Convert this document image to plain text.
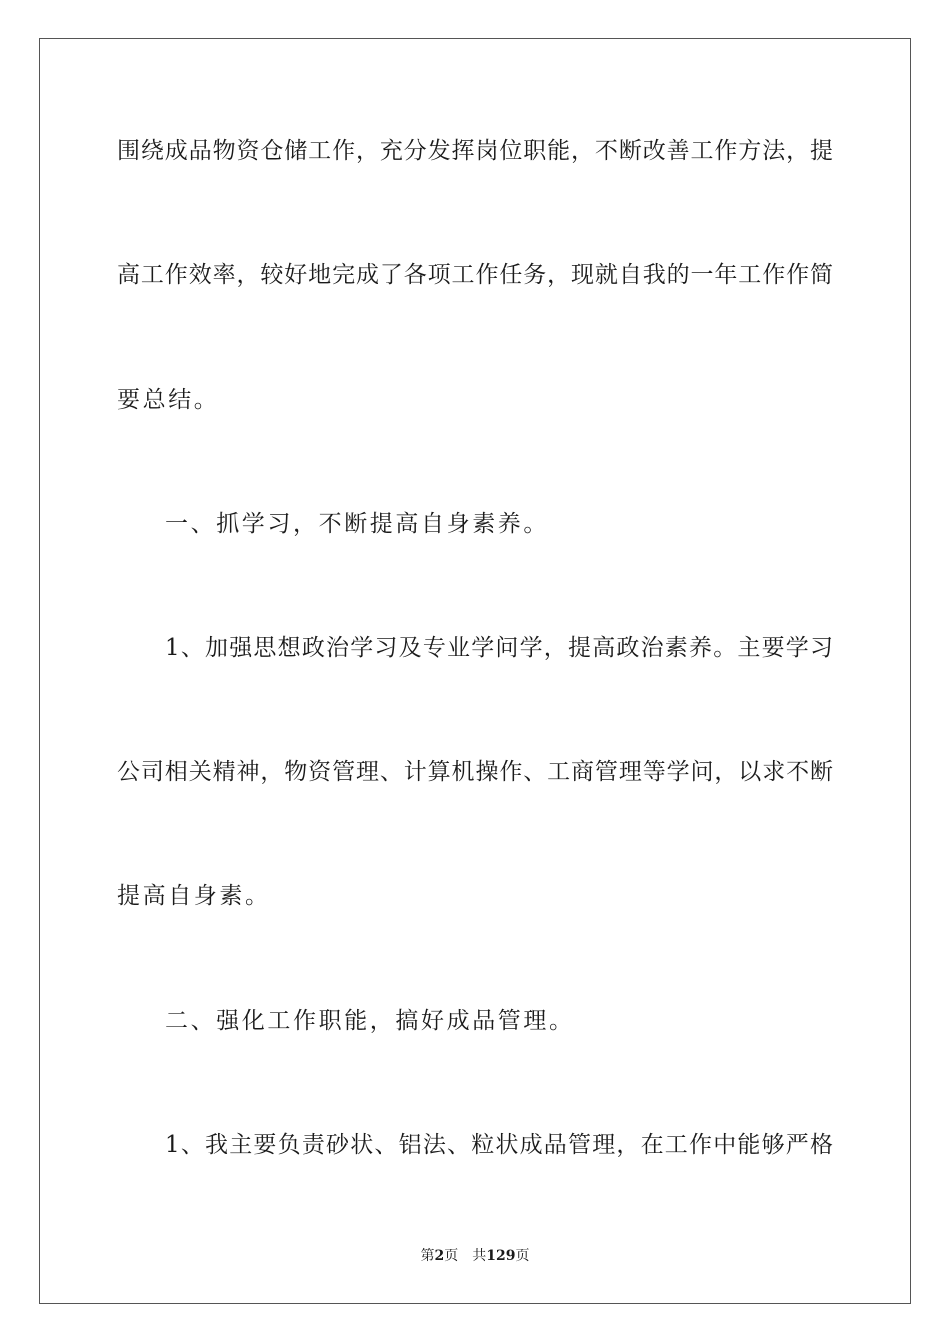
围绕成品物资仓储工作，充分发挥岗位职能，不断改善工作方法，提
高工作效率，较好地完成了各项工作任务，现就自我的一年工作作简
要总结。
一、抓学习，不断提高自身素养。
1、加强思想政治学习及专业学问学，提高政治素养。主要学习
公司相关精神，物资管理、计算机操作、工商管理等学问，以求不断
提高自身素。
二、强化工作职能，搞好成品管理。
1、我主要负责砂状、铝法、粒状成品管理，在工作中能够严格
第2页 共129页
